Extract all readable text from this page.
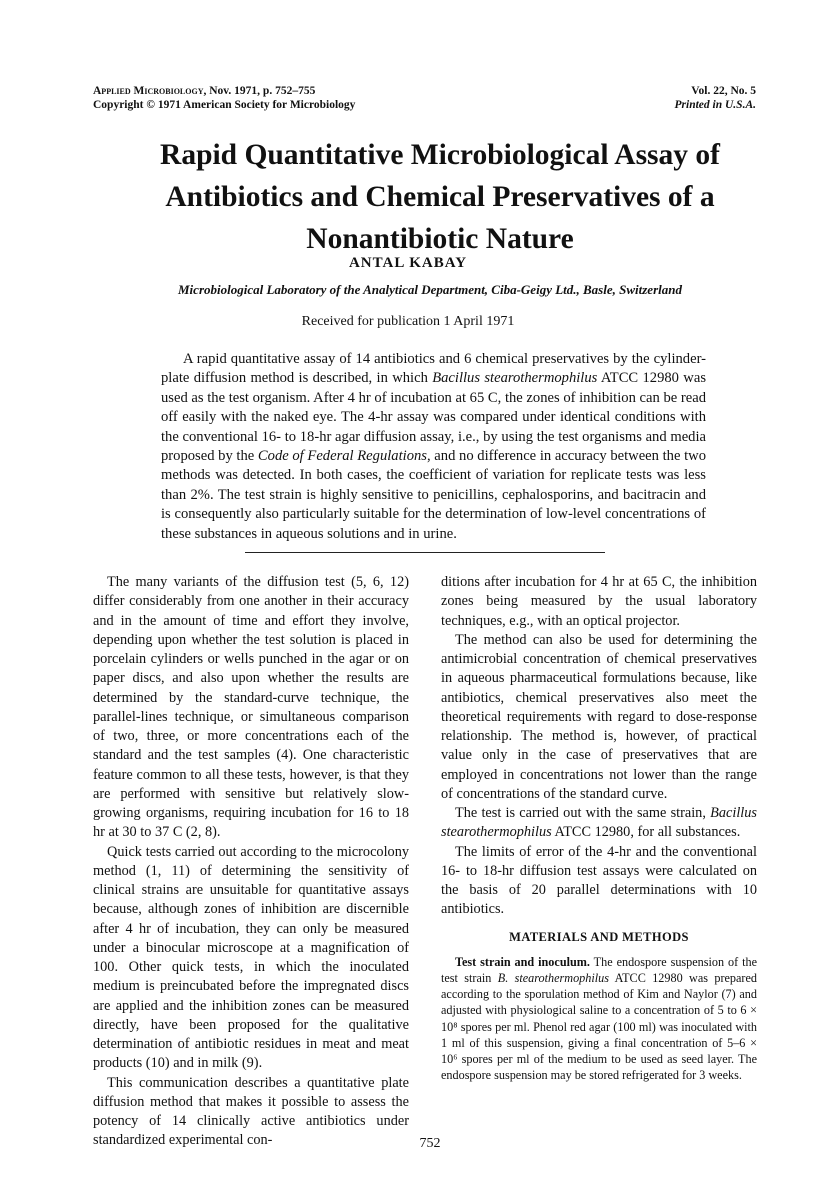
Applied Microbiology, Nov. 1971, p. 752–755
Copyright © 1971 American Society for Microbiology
Vol. 22, No. 5
Printed in U.S.A.
Rapid Quantitative Microbiological Assay of
Antibiotics and Chemical Preservatives of a
Nonantibiotic Nature
ANTAL KABAY
Microbiological Laboratory of the Analytical Department, Ciba-Geigy Ltd., Basle, Switzerland
Received for publication 1 April 1971
A rapid quantitative assay of 14 antibiotics and 6 chemical preservatives by the cylinder-plate diffusion method is described, in which Bacillus stearothermophilus ATCC 12980 was used as the test organism. After 4 hr of incubation at 65 C, the zones of inhibition can be read off easily with the naked eye. The 4-hr assay was compared under identical conditions with the conventional 16- to 18-hr agar diffusion assay, i.e., by using the test organisms and media proposed by the Code of Federal Regulations, and no difference in accuracy between the two methods was detected. In both cases, the coefficient of variation for replicate tests was less than 2%. The test strain is highly sensitive to penicillins, cephalosporins, and bacitracin and is consequently also particularly suitable for the determination of low-level concentrations of these substances in aqueous solutions and in urine.

The many variants of the diffusion test (5, 6, 12) differ considerably from one another in their accuracy and in the amount of time and effort they involve, depending upon whether the test solution is placed in porcelain cylinders or wells punched in the agar or on paper discs, and also upon whether the results are determined by the standard-curve technique, the parallel-lines technique, or simultaneous comparison of two, three, or more concentrations each of the standard and the test samples (4). One characteristic feature common to all these tests, however, is that they are performed with sensitive but relatively slow-growing organisms, requiring incubation for 16 to 18 hr at 30 to 37 C (2, 8).

Quick tests carried out according to the microcolony method (1, 11) of determining the sensitivity of clinical strains are unsuitable for quantitative assays because, although zones of inhibition are discernible after 4 hr of incubation, they can only be measured under a binocular microscope at a magnification of 100. Other quick tests, in which the inoculated medium is preincubated before the impregnated discs are applied and the inhibition zones can be measured directly, have been proposed for the qualitative determination of antibiotic residues in meat and meat products (10) and in milk (9).

This communication describes a quantitative plate diffusion method that makes it possible to assess the potency of 14 clinically active antibiotics under standardized experimental con-

ditions after incubation for 4 hr at 65 C, the inhibition zones being measured by the usual laboratory techniques, e.g., with an optical projector.

The method can also be used for determining the antimicrobial concentration of chemical preservatives in aqueous pharmaceutical formulations because, like antibiotics, chemical preservatives also meet the theoretical requirements with regard to dose-response relationship. The method is, however, of practical value only in the case of preservatives that are employed in concentrations not lower than the range of concentrations of the standard curve.

The test is carried out with the same strain, Bacillus stearothermophilus ATCC 12980, for all substances.

The limits of error of the 4-hr and the conventional 16- to 18-hr diffusion test assays were calculated on the basis of 20 parallel determinations with 10 antibiotics.

MATERIALS AND METHODS

Test strain and inoculum. The endospore suspension of the test strain B. stearothermophilus ATCC 12980 was prepared according to the sporulation method of Kim and Naylor (7) and adjusted with physiological saline to a concentration of 5 to 6 × 10⁸ spores per ml. Phenol red agar (100 ml) was inoculated with 1 ml of this suspension, giving a final concentration of 5–6 × 10⁶ spores per ml of the medium to be used as seed layer. The endospore suspension may be stored refrigerated for 3 weeks.

752
